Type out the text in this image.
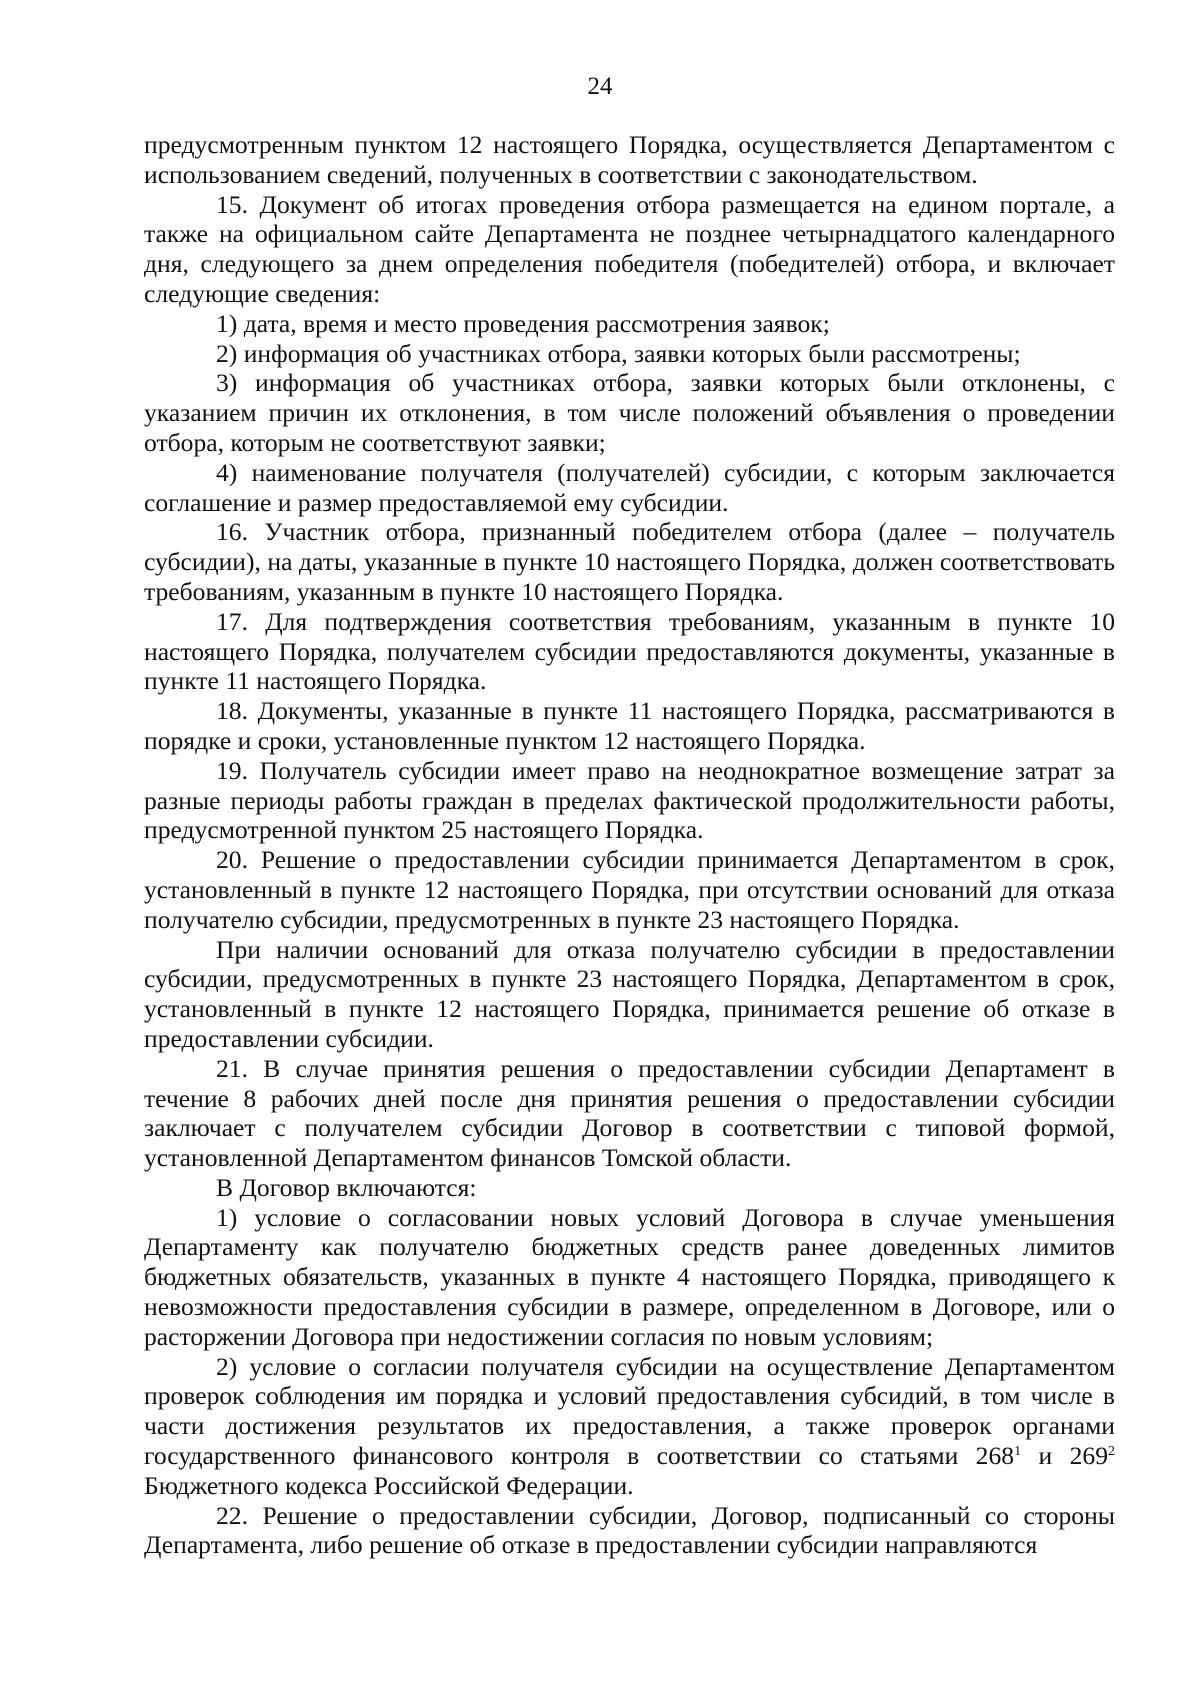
24

предусмотренным пунктом 12 настоящего Порядка, осуществляется Департаментом с использованием сведений, полученных в соответствии с законодательством.

15. Документ об итогах проведения отбора размещается на едином портале, а также на официальном сайте Департамента не позднее четырнадцатого календарного дня, следующего за днем определения победителя (победителей) отбора, и включает следующие сведения:

1) дата, время и место проведения рассмотрения заявок;

2) информация об участниках отбора, заявки которых были рассмотрены;

3) информация об участниках отбора, заявки которых были отклонены, с указанием причин их отклонения, в том числе положений объявления о проведении отбора, которым не соответствуют заявки;

4) наименование получателя (получателей) субсидии, с которым заключается соглашение и размер предоставляемой ему субсидии.

16. Участник отбора, признанный победителем отбора (далее – получатель субсидии), на даты, указанные в пункте 10 настоящего Порядка, должен соответствовать требованиям, указанным в пункте 10 настоящего Порядка.

17. Для подтверждения соответствия требованиям, указанным в пункте 10 настоящего Порядка, получателем субсидии предоставляются документы, указанные в пункте 11 настоящего Порядка.

18. Документы, указанные в пункте 11 настоящего Порядка, рассматриваются в порядке и сроки, установленные пунктом 12 настоящего Порядка.

19. Получатель субсидии имеет право на неоднократное возмещение затрат за разные периоды работы граждан в пределах фактической продолжительности работы, предусмотренной пунктом 25 настоящего Порядка.

20. Решение о предоставлении субсидии принимается Департаментом в срок, установленный в пункте 12 настоящего Порядка, при отсутствии оснований для отказа получателю субсидии, предусмотренных в пункте 23 настоящего Порядка.

При наличии оснований для отказа получателю субсидии в предоставлении субсидии, предусмотренных в пункте 23 настоящего Порядка, Департаментом в срок, установленный в пункте 12 настоящего Порядка, принимается решение об отказе в предоставлении субсидии.

21. В случае принятия решения о предоставлении субсидии Департамент в течение 8 рабочих дней после дня принятия решения о предоставлении субсидии заключает с получателем субсидии Договор в соответствии с типовой формой, установленной Департаментом финансов Томской области.

В Договор включаются:

1) условие о согласовании новых условий Договора в случае уменьшения Департаменту как получателю бюджетных средств ранее доведенных лимитов бюджетных обязательств, указанных в пункте 4 настоящего Порядка, приводящего к невозможности предоставления субсидии в размере, определенном в Договоре, или о расторжении Договора при недостижении согласия по новым условиям;

2) условие о согласии получателя субсидии на осуществление Департаментом проверок соблюдения им порядка и условий предоставления субсидий, в том числе в части достижения результатов их предоставления, а также проверок органами государственного финансового контроля в соответствии со статьями $268^1$ и $269^2$ Бюджетного кодекса Российской Федерации.

22. Решение о предоставлении субсидии, Договор, подписанный со стороны Департамента, либо решение об отказе в предоставлении субсидии направляются
